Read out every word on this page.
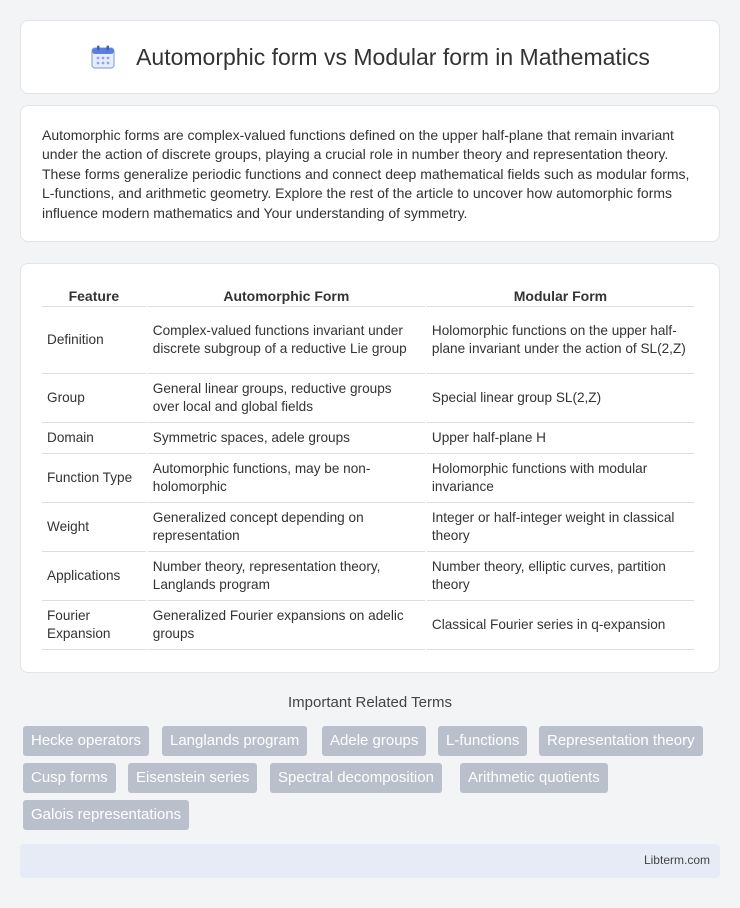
Automorphic form vs Modular form in Mathematics

Automorphic forms are complex-valued functions defined on the upper half-plane that remain invariant under the action of discrete groups, playing a crucial role in number theory and representation theory. These forms generalize periodic functions and connect deep mathematical fields such as modular forms, L-functions, and arithmetic geometry. Explore the rest of the article to uncover how automorphic forms influence modern mathematics and Your understanding of symmetry.

Feature	Automorphic Form	Modular Form
Definition	Complex-valued functions invariant under discrete subgroup of a reductive Lie group	Holomorphic functions on the upper half-plane invariant under the action of SL(2,Z)
Group	General linear groups, reductive groups over local and global fields	Special linear group SL(2,Z)
Domain	Symmetric spaces, adele groups	Upper half-plane H
Function Type	Automorphic functions, may be non-holomorphic	Holomorphic functions with modular invariance
Weight	Generalized concept depending on representation	Integer or half-integer weight in classical theory
Applications	Number theory, representation theory, Langlands program	Number theory, elliptic curves, partition theory
Fourier Expansion	Generalized Fourier expansions on adelic groups	Classical Fourier series in q-expansion
Important Related Terms
Hecke operators	Langlands program	Adele groups	L-functions	Representation theory
Cusp forms	Eisenstein series	Spectral decomposition	Arithmetic quotients
Galois representations
Libterm.com
